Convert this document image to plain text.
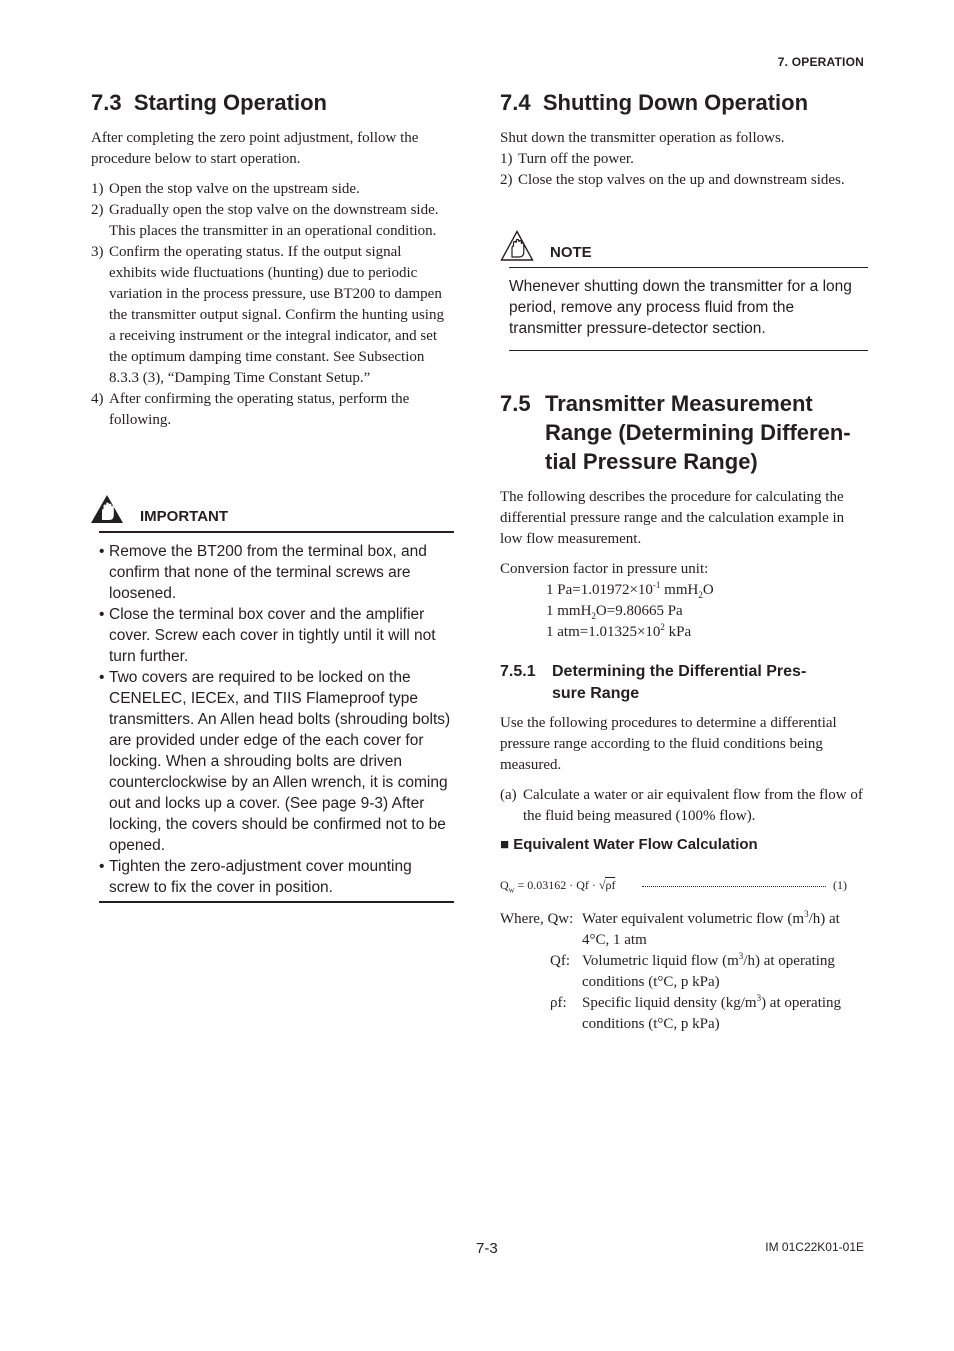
7. OPERATION
7.3 Starting Operation
After completing the zero point adjustment, follow the procedure below to start operation.
1) Open the stop valve on the upstream side.
2) Gradually open the stop valve on the downstream side. This places the transmitter in an operational condition.
3) Confirm the operating status. If the output signal exhibits wide fluctuations (hunting) due to periodic variation in the process pressure, use BT200 to dampen the transmitter output signal. Confirm the hunting using a receiving instrument or the integral indicator, and set the optimum damping time constant. See Subsection 8.3.3 (3), “Damping Time Constant Setup.”
4) After confirming the operating status, perform the following.
IMPORTANT
• Remove the BT200 from the terminal box, and confirm that none of the terminal screws are loosened.
• Close the terminal box cover and the amplifier cover. Screw each cover in tightly until it will not turn further.
• Two covers are required to be locked on the CENELEC, IECEx, and TIIS Flameproof type transmitters. An Allen head bolts (shrouding bolts) are provided under edge of the each cover for locking. When a shrouding bolts are driven counterclockwise by an Allen wrench, it is coming out and locks up a cover. (See page 9-3) After locking, the covers should be confirmed not to be opened.
• Tighten the zero-adjustment cover mounting screw to fix the cover in position.
7.4 Shutting Down Operation
Shut down the transmitter operation as follows.
1) Turn off the power.
2) Close the stop valves on the up and downstream sides.
NOTE
Whenever shutting down the transmitter for a long period, remove any process fluid from the transmitter pressure-detector section.
7.5 Transmitter Measurement
Range (Determining Differen-
tial Pressure Range)
The following describes the procedure for calculating the differential pressure range and the calculation example in low flow measurement.
Conversion factor in pressure unit:
1 $Pa=1.01972\times 10^{-1}$ mmH$_2$O
1 mmH$_2$O=9.80665 Pa
1 $atm=1.01325\times 10^2$ kPa
7.5.1 Determining the Differential Pres-
sure Range
Use the following procedures to determine a differential pressure range according to the fluid conditions being measured.
(a) Calculate a water or air equivalent flow from the flow of the fluid being measured (100% flow).
■ Equivalent Water Flow Calculation
$Q_w = 0.03162 \cdot Qf \cdot √\rho f$	(1)
Where, Qw: Water equivalent volumetric flow $(m^3/h)$ at 4°C, 1 atm
Qf: Volumetric liquid flow $(m^3/h)$ at operating conditions (t°C, p kPa)
ρf: Specific liquid density $(kg/m^3)$ at operating conditions (t°C, p kPa)
7-3	IM 01C22K01-01E
